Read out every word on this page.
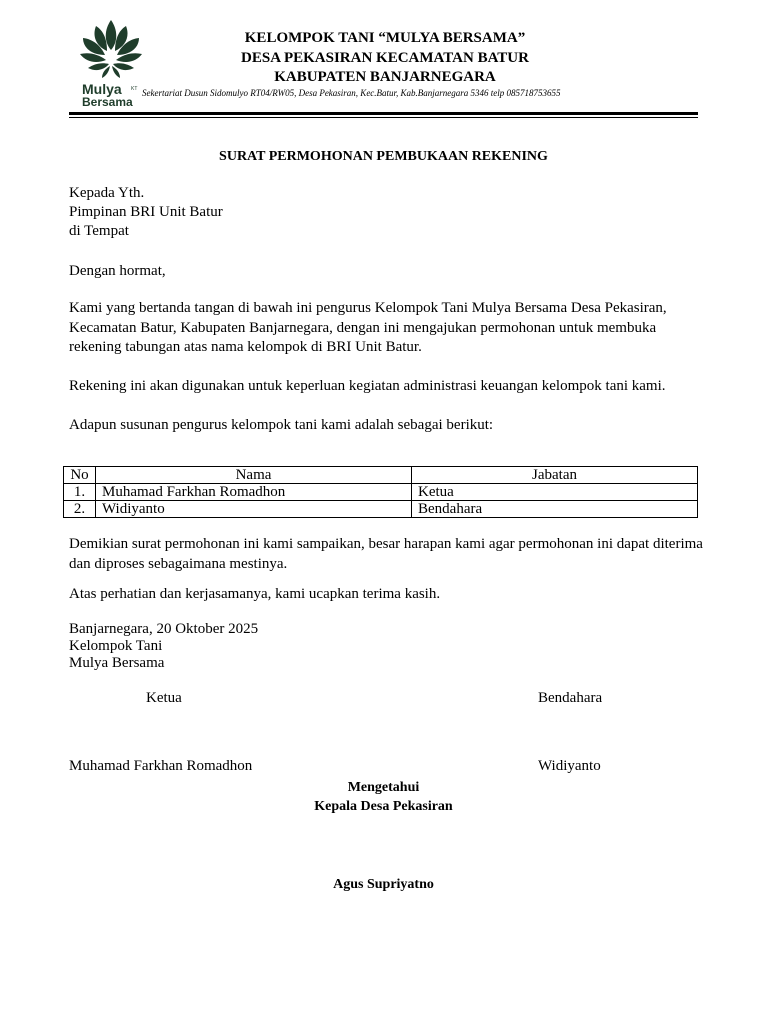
Mulya KT
Bersama
KELOMPOK TANI “MULYA BERSAMA”
DESA PEKASIRAN KECAMATAN BATUR
KABUPATEN BANJARNEGARA
Sekertariat Dusun Sidomulyo RT04/RW05, Desa Pekasiran, Kec.Batur, Kab.Banjarnegara 5346 telp 085718753655
SURAT PERMOHONAN PEMBUKAAN REKENING
Kepada Yth.
Pimpinan BRI Unit Batur
di Tempat
Dengan hormat,
Kami yang bertanda tangan di bawah ini pengurus Kelompok Tani Mulya Bersama Desa Pekasiran, Kecamatan Batur, Kabupaten Banjarnegara, dengan ini mengajukan permohonan untuk membuka rekening tabungan atas nama kelompok di BRI Unit Batur.
Rekening ini akan digunakan untuk keperluan kegiatan administrasi keuangan kelompok tani kami.
Adapun susunan pengurus kelompok tani kami adalah sebagai berikut:
No	Nama	Jabatan
1.	Muhamad Farkhan Romadhon	Ketua
2.	Widiyanto	Bendahara
Demikian surat permohonan ini kami sampaikan, besar harapan kami agar permohonan ini dapat diterima dan diproses sebagaimana mestinya.
Atas perhatian dan kerjasamanya, kami ucapkan terima kasih.
Banjarnegara, 20 Oktober 2025
Kelompok Tani
Mulya Bersama
Ketua	Bendahara
Muhamad Farkhan Romadhon	Widiyanto
Mengetahui
Kepala Desa Pekasiran
Agus Supriyatno
